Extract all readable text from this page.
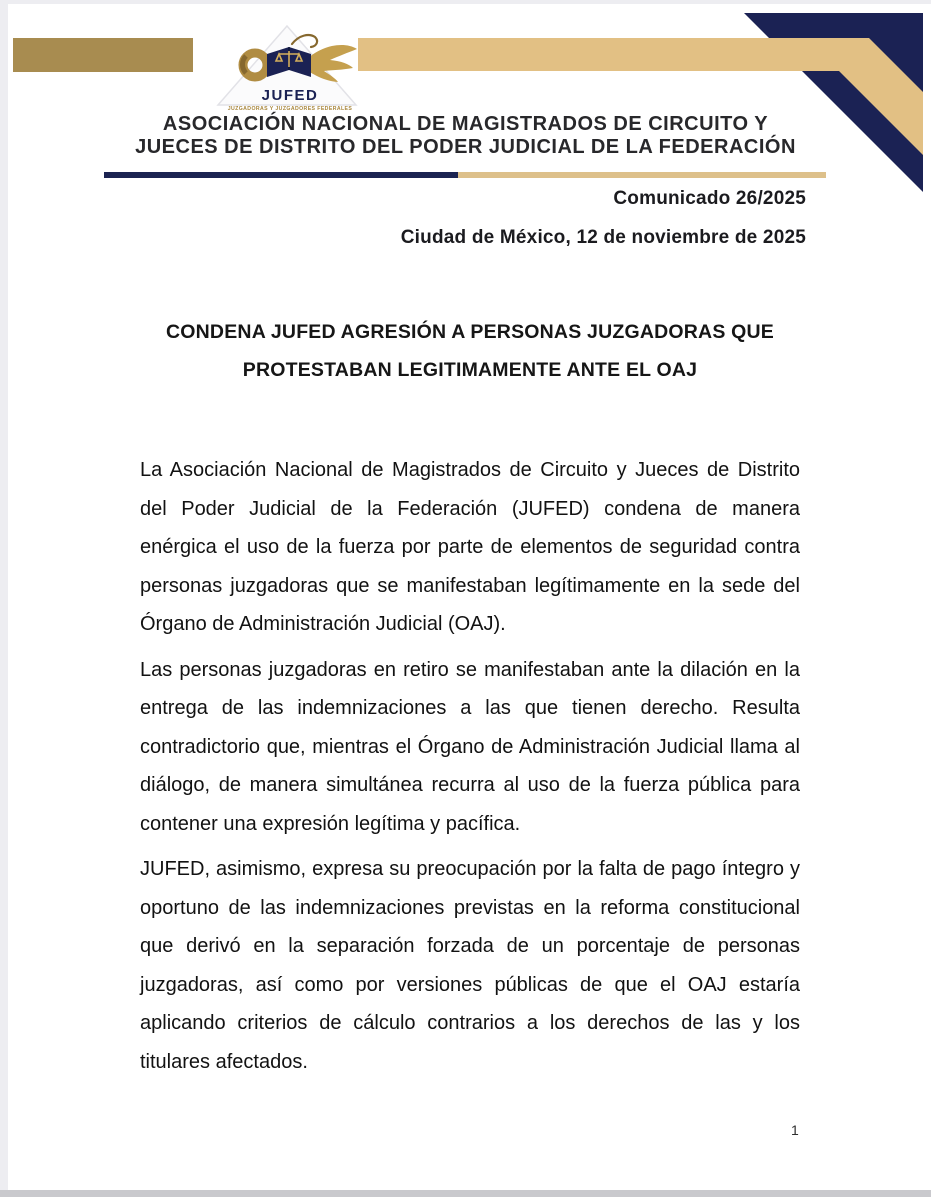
JUFED
JUZGADORAS Y JUZGADORES FEDERALES
ASOCIACIÓN NACIONAL DE MAGISTRADOS DE CIRCUITO Y
JUECES DE DISTRITO DEL PODER JUDICIAL DE LA FEDERACIÓN
Comunicado 26/2025
Ciudad de México, 12 de noviembre de 2025
CONDENA JUFED AGRESIÓN A PERSONAS JUZGADORAS QUE
PROTESTABAN LEGITIMAMENTE ANTE EL OAJ

La Asociación Nacional de Magistrados de Circuito y Jueces de Distrito del Poder Judicial de la Federación (JUFED) condena de manera enérgica el uso de la fuerza por parte de elementos de seguridad contra personas juzgadoras que se manifestaban legítimamente en la sede del Órgano de Administración Judicial (OAJ).

Las personas juzgadoras en retiro se manifestaban ante la dilación en la entrega de las indemnizaciones a las que tienen derecho. Resulta contradictorio que, mientras el Órgano de Administración Judicial llama al diálogo, de manera simultánea recurra al uso de la fuerza pública para contener una expresión legítima y pacífica.

JUFED, asimismo, expresa su preocupación por la falta de pago íntegro y oportuno de las indemnizaciones previstas en la reforma constitucional que derivó en la separación forzada de un porcentaje de personas juzgadoras, así como por versiones públicas de que el OAJ estaría aplicando criterios de cálculo contrarios a los derechos de las y los titulares afectados.

1
